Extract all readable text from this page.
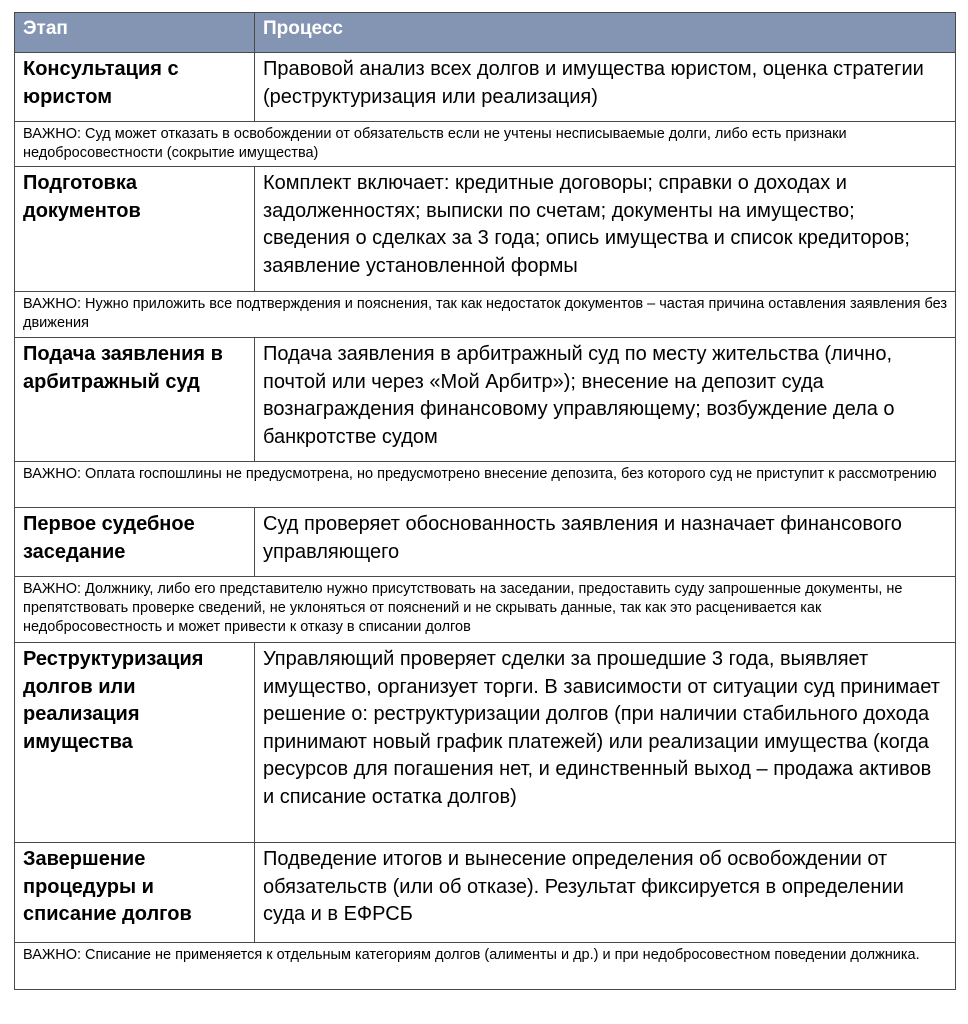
Этап	Процесс
Консультация с юристом	Правовой анализ всех долгов и имущества юристом, оценка стратегии (реструктуризация или реализация)
ВАЖНО: Суд может отказать в освобождении от обязательств если не учтены несписываемые долги, либо есть признаки недобросовестности (сокрытие имущества)	
Подготовка документов	Комплект включает: кредитные договоры; справки о доходах и задолженностях; выписки по счетам; документы на имущество; сведения о сделках за 3 года; опись имущества и список кредиторов; заявление установленной формы
ВАЖНО: Нужно приложить все подтверждения и пояснения, так как недостаток документов – частая причина оставления заявления без движения	
Подача заявления в арбитражный суд	Подача заявления в арбитражный суд по месту жительства (лично, почтой или через «Мой Арбитр»); внесение на депозит суда вознаграждения финансовому управляющему; возбуждение дела о банкротстве судом
ВАЖНО: Оплата госпошлины не предусмотрена, но предусмотрено внесение депозита, без которого суд не приступит к рассмотрению	
Первое судебное заседание	Суд проверяет обоснованность заявления и назначает финансового управляющего
ВАЖНО: Должнику, либо его представителю нужно присутствовать на заседании, предоставить суду запрошенные документы, не препятствовать проверке сведений, не уклоняться от пояснений и не скрывать данные, так как это расценивается как недобросовестность и может привести к отказу в списании долгов	
Реструктуризация долгов или реализация имущества	Управляющий проверяет сделки за прошедшие 3 года, выявляет имущество, организует торги. В зависимости от ситуации суд принимает решение о: реструктуризации долгов (при наличии стабильного дохода принимают новый график платежей) или реализации имущества (когда ресурсов для погашения нет, и единственный выход – продажа активов и списание остатка долгов)
Завершение процедуры и списание долгов	Подведение итогов и вынесение определения об освобождении от обязательств (или об отказе). Результат фиксируется в определении суда и в ЕФРСБ
ВАЖНО: Списание не применяется к отдельным категориям долгов (алименты и др.) и при недобросовестном поведении должника.	
